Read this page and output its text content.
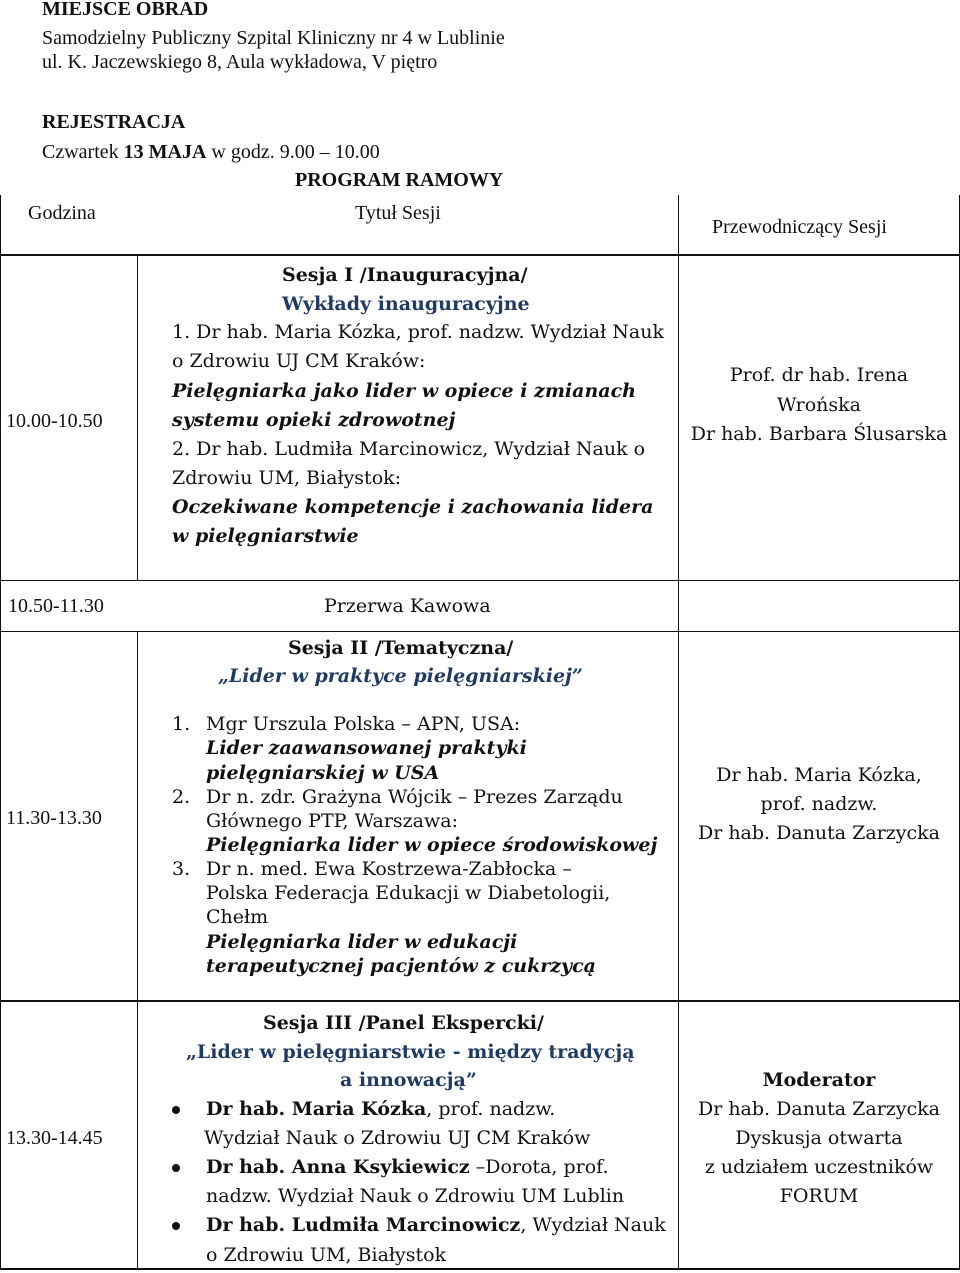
MIEJSCE OBRAD
Samodzielny Publiczny Szpital Kliniczny nr 4 w Lublinie
ul. K. Jaczewskiego 8, Aula wykładowa, V piętro
REJESTRACJA
Czwartek 13 MAJA w godz. 9.00 – 10.00
PROGRAM RAMOWY
Godzina	Tytuł Sesji
Przewodniczący Sesji
10.00-10.50
Sesja I /Inauguracyjna/
Wykłady inauguracyjne
1. Dr hab. Maria Kózka, prof. nadzw. Wydział Nauk
o Zdrowiu UJ CM Kraków:
Pielęgniarka jako lider w opiece i zmianach
systemu opieki zdrowotnej
2. Dr hab. Ludmiła Marcinowicz, Wydział Nauk o
Zdrowiu UM, Białystok:
Oczekiwane kompetencje i zachowania lidera
w pielęgniarstwie
Prof. dr hab. Irena
Wrońska
Dr hab. Barbara Ślusarska
10.50-11.30	Przerwa Kawowa
11.30-13.30
Sesja II /Tematyczna/
„Lider w praktyce pielęgniarskiej”
1. Mgr Urszula Polska – APN, USA:
Lider zaawansowanej praktyki
pielęgniarskiej w USA
2. Dr n. zdr. Grażyna Wójcik – Prezes Zarządu
Głównego PTP, Warszawa:
Pielęgniarka lider w opiece środowiskowej
3. Dr n. med. Ewa Kostrzewa-Zabłocka –
Polska Federacja Edukacji w Diabetologii,
Chełm
Pielęgniarka lider w edukacji
terapeutycznej pacjentów z cukrzycą
Dr hab. Maria Kózka,
prof. nadzw.
Dr hab. Danuta Zarzycka
13.30-14.45
Sesja III /Panel Ekspercki/
„Lider w pielęgniarstwie - między tradycją
a innowacją”
Dr hab. Maria Kózka, prof. nadzw.
Wydział Nauk o Zdrowiu UJ CM Kraków
Dr hab. Anna Ksykiewicz –Dorota, prof.
nadzw. Wydział Nauk o Zdrowiu UM Lublin
Dr hab. Ludmiła Marcinowicz, Wydział Nauk
o Zdrowiu UM, Białystok
Moderator
Dr hab. Danuta Zarzycka
Dyskusja otwarta
z udziałem uczestników
FORUM
